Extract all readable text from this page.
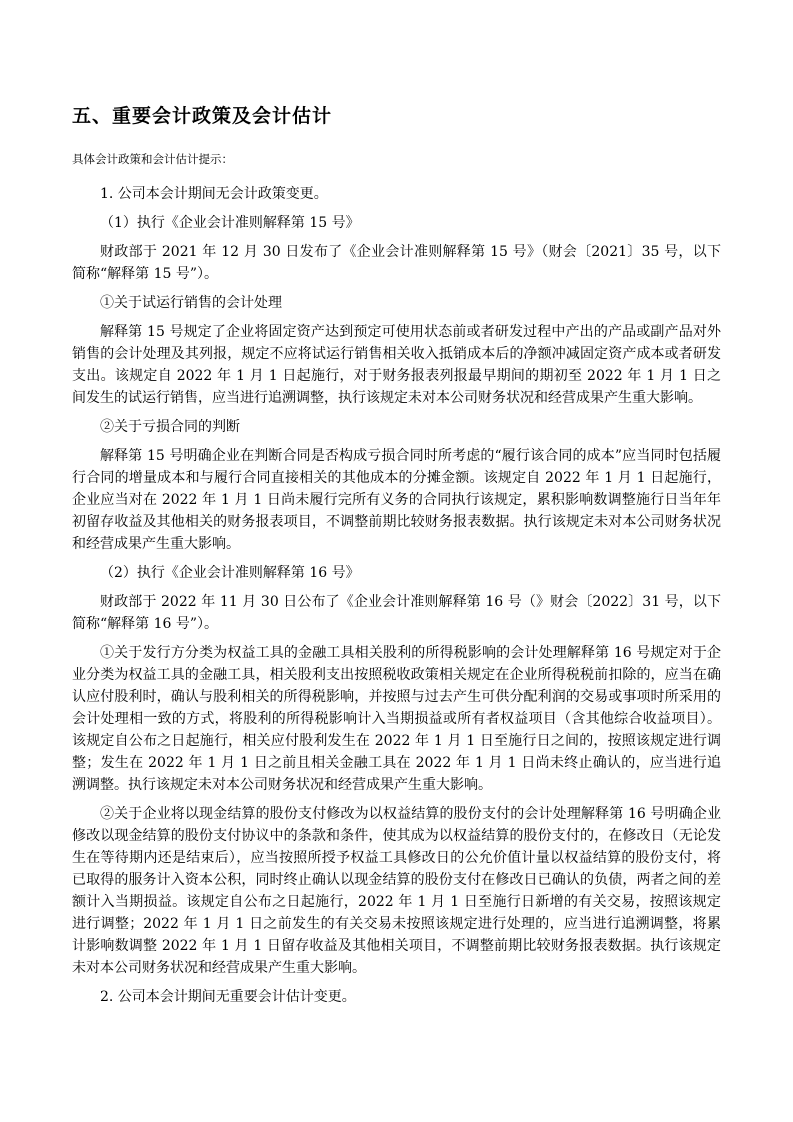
五、重要会计政策及会计估计
具体会计政策和会计估计提示：

1. 公司本会计期间无会计政策变更。

（1）执行《企业会计准则解释第 15 号》

财政部于 2021 年 12 月 30 日发布了《企业会计准则解释第 15 号》（财会〔2021〕35 号，以下简称“解释第 15 号”）。

①关于试运行销售的会计处理

解释第 15 号规定了企业将固定资产达到预定可使用状态前或者研发过程中产出的产品或副产品对外销售的会计处理及其列报，规定不应将试运行销售相关收入抵销成本后的净额冲减固定资产成本或者研发支出。该规定自 2022 年 1 月 1 日起施行，对于财务报表列报最早期间的期初至 2022 年 1 月 1 日之间发生的试运行销售，应当进行追溯调整，执行该规定未对本公司财务状况和经营成果产生重大影响。

②关于亏损合同的判断

解释第 15 号明确企业在判断合同是否构成亏损合同时所考虑的“履行该合同的成本”应当同时包括履行合同的增量成本和与履行合同直接相关的其他成本的分摊金额。该规定自 2022 年 1 月 1 日起施行，企业应当对在 2022 年 1 月 1 日尚未履行完所有义务的合同执行该规定，累积影响数调整施行日当年年初留存收益及其他相关的财务报表项目，不调整前期比较财务报表数据。执行该规定未对本公司财务状况和经营成果产生重大影响。

（2）执行《企业会计准则解释第 16 号》

财政部于 2022 年 11 月 30 日公布了《企业会计准则解释第 16 号（》财会〔2022〕31 号，以下简称“解释第 16 号”）。

①关于发行方分类为权益工具的金融工具相关股利的所得税影响的会计处理解释第 16 号规定对于企业分类为权益工具的金融工具，相关股利支出按照税收政策相关规定在企业所得税税前扣除的，应当在确认应付股利时，确认与股利相关的所得税影响，并按照与过去产生可供分配利润的交易或事项时所采用的会计处理相一致的方式，将股利的所得税影响计入当期损益或所有者权益项目（含其他综合收益项目）。该规定自公布之日起施行，相关应付股利发生在 2022 年 1 月 1 日至施行日之间的，按照该规定进行调整；发生在 2022 年 1 月 1 日之前且相关金融工具在 2022 年 1 月 1 日尚未终止确认的，应当进行追溯调整。执行该规定未对本公司财务状况和经营成果产生重大影响。

②关于企业将以现金结算的股份支付修改为以权益结算的股份支付的会计处理解释第 16 号明确企业修改以现金结算的股份支付协议中的条款和条件，使其成为以权益结算的股份支付的，在修改日（无论发生在等待期内还是结束后），应当按照所授予权益工具修改日的公允价值计量以权益结算的股份支付，将已取得的服务计入资本公积，同时终止确认以现金结算的股份支付在修改日已确认的负债，两者之间的差额计入当期损益。该规定自公布之日起施行，2022 年 1 月 1 日至施行日新增的有关交易，按照该规定进行调整；2022 年 1 月 1 日之前发生的有关交易未按照该规定进行处理的，应当进行追溯调整，将累计影响数调整 2022 年 1 月 1 日留存收益及其他相关项目，不调整前期比较财务报表数据。执行该规定未对本公司财务状况和经营成果产生重大影响。

2. 公司本会计期间无重要会计估计变更。
